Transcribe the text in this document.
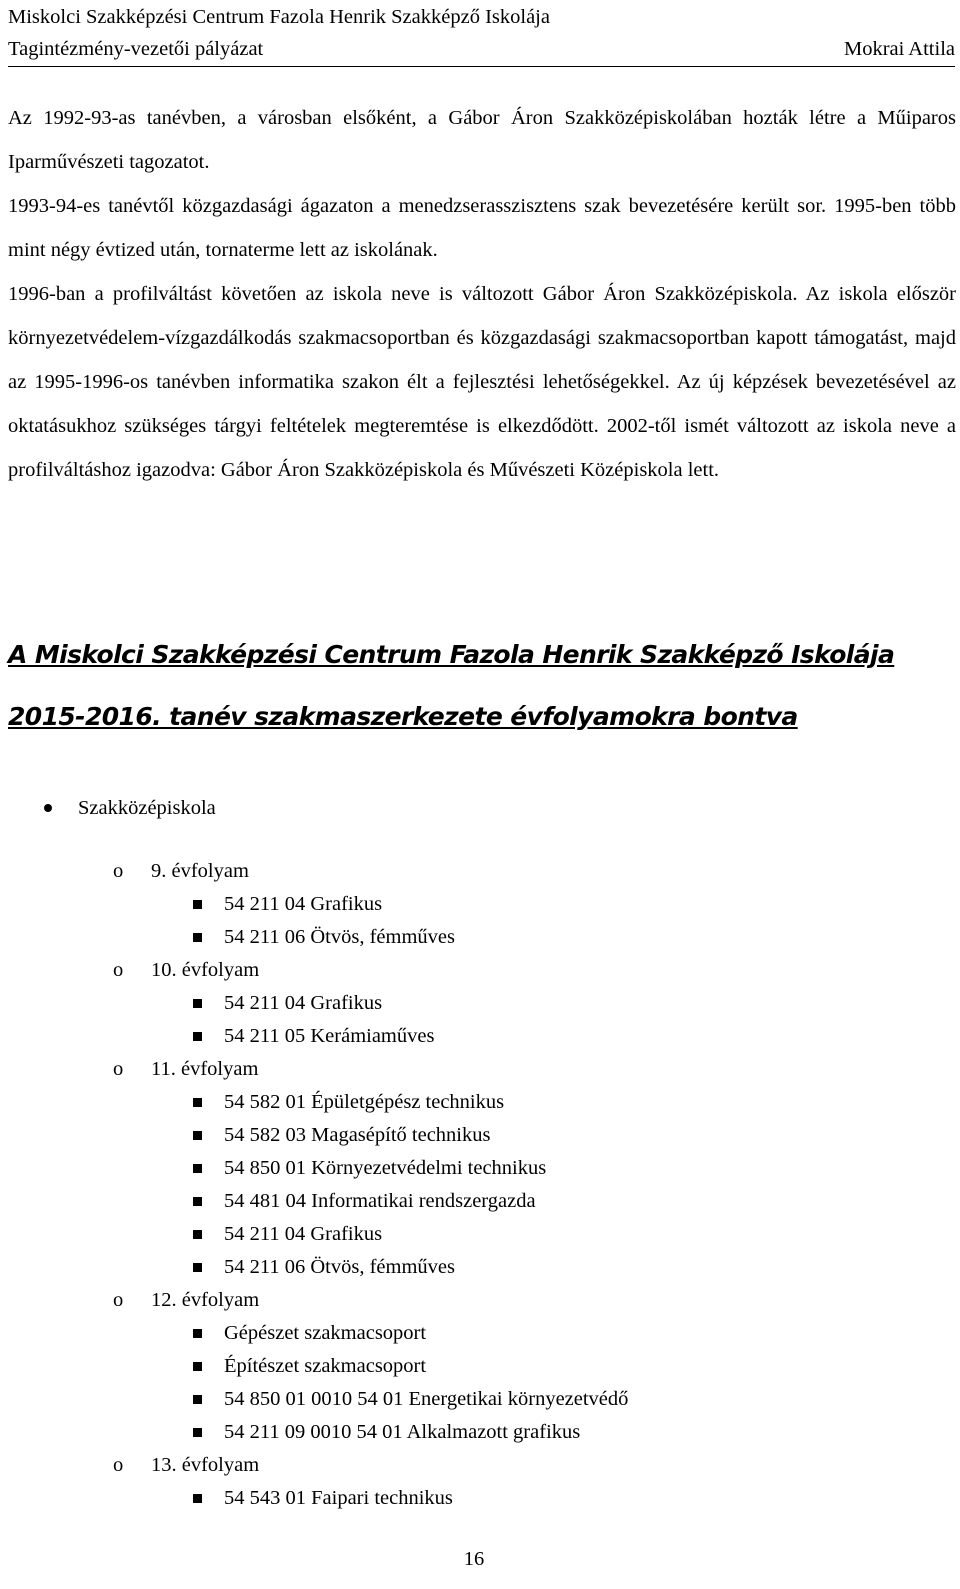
Miskolci Szakképzési Centrum Fazola Henrik Szakképző Iskolája
Tagintézmény-vezetői pályázat	Mokrai Attila

Az 1992-93-as tanévben, a városban elsőként, a Gábor Áron Szakközépiskolában hozták létre a Műiparos Iparművészeti tagozatot.

1993-94-es tanévtől közgazdasági ágazaton a menedzserasszisztens szak bevezetésére került sor. 1995-ben több mint négy évtized után, tornaterme lett az iskolának.

1996-ban a profilváltást követően az iskola neve is változott Gábor Áron Szakközépiskola. Az iskola először környezetvédelem-vízgazdálkodás szakmacsoportban és közgazdasági szakmacsoportban kapott támogatást, majd az 1995-1996-os tanévben informatika szakon élt a fejlesztési lehetőségekkel. Az új képzések bevezetésével az oktatásukhoz szükséges tárgyi feltételek megteremtése is elkezdődött. 2002-től ismét változott az iskola neve a profilváltáshoz igazodva: Gábor Áron Szakközépiskola és Művészeti Középiskola lett.

A Miskolci Szakképzési Centrum Fazola Henrik Szakképző Iskolája
2015-2016. tanév szakmaszerkezete évfolyamokra bontva
Szakközépiskola
o 9. évfolyam
54 211 04 Grafikus
54 211 06 Ötvös, fémműves
o 10. évfolyam
54 211 04 Grafikus
54 211 05 Kerámiaműves
o 11. évfolyam
54 582 01 Épületgépész technikus
54 582 03 Magasépítő technikus
54 850 01 Környezetvédelmi technikus
54 481 04 Informatikai rendszergazda
54 211 04 Grafikus
54 211 06 Ötvös, fémműves
o 12. évfolyam
Gépészet szakmacsoport
Építészet szakmacsoport
54 850 01 0010 54 01 Energetikai környezetvédő
54 211 09 0010 54 01 Alkalmazott grafikus
o 13. évfolyam
54 543 01 Faipari technikus
16
